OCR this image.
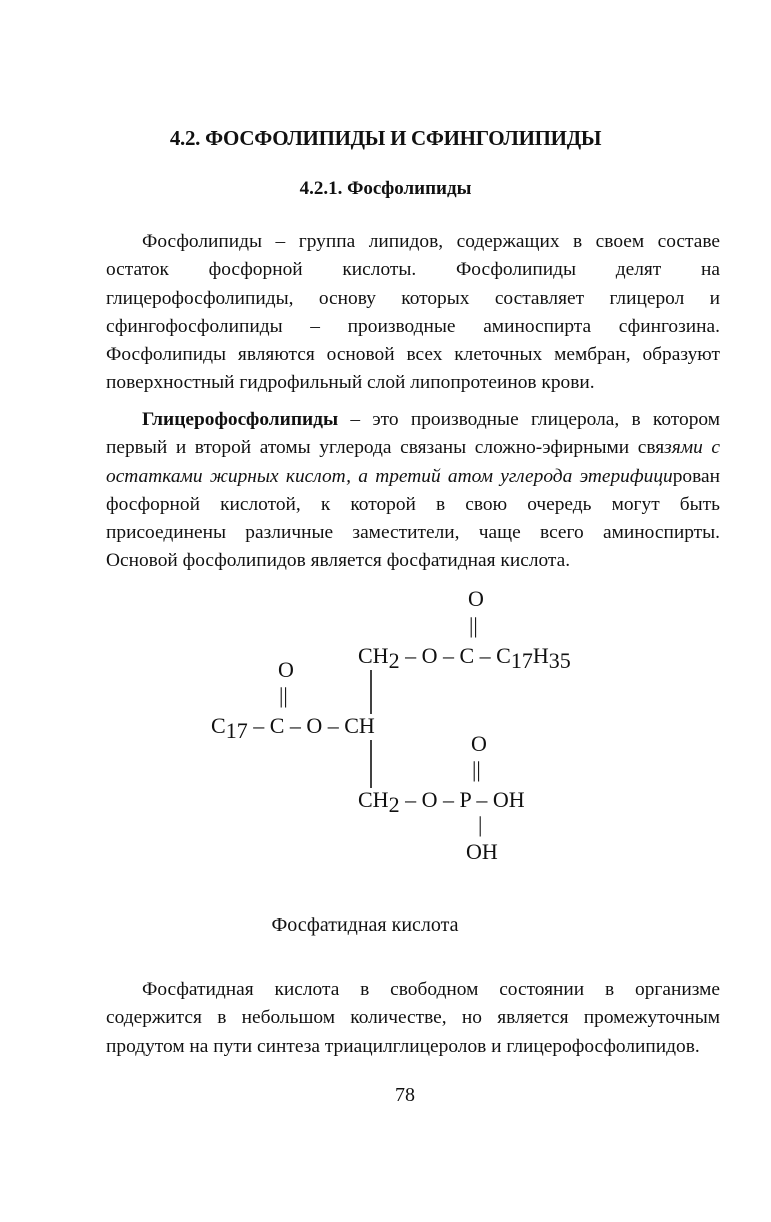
4.2. ФОСФОЛИПИДЫ И СФИНГОЛИПИДЫ
4.2.1. Фосфолипиды

Фосфолипиды – группа липидов, содержащих в своем составе остаток фосфорной кислоты. Фосфолипиды делят на глицерофосфолипиды, основу которых составляет глицерол и сфингофосфолипиды – производные аминоспирта сфингозина. Фосфолипиды являются основой всех клеточных мембран, образуют поверхностный гидрофильный слой липопротеинов крови.

Глицерофосфолипиды – это производные глицерола, в котором первый и второй атомы углерода связаны сложно-эфирными связями с остатками жирных кислот, а третий атом углерода этерифицирован фосфорной кислотой, к которой в свою очередь могут быть присоединены различные заместители, чаще всего аминоспирты. Основой фосфолипидов является фосфатидная кислота.

O
||
CH2 – O – C – C17H35
O
||
C17 – C – O – CH
O
||
CH2 – O – P – OH
|
OH

Фосфатидная кислота

Фосфатидная кислота в свободном состоянии в организме содержится в небольшом количестве, но является промежуточным продутом на пути синтеза триацилглицеролов и глицерофосфолипидов.

78
